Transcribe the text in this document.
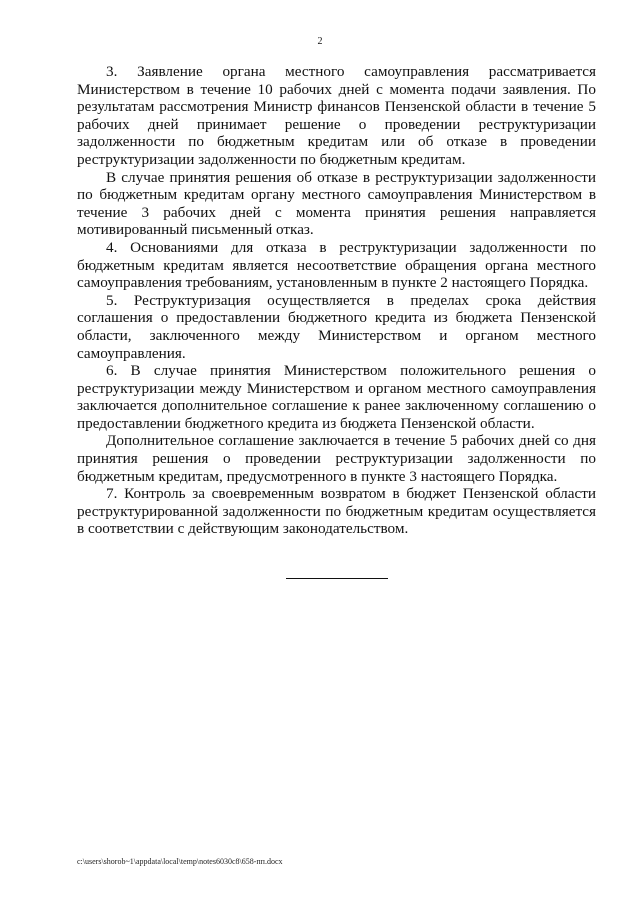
2

3. Заявление органа местного самоуправления рассматривается Министерством в течение 10 рабочих дней с момента подачи заявления. По результатам рассмотрения Министр финансов Пензенской области в течение 5 рабочих дней принимает решение о проведении реструктуризации задолженности по бюджетным кредитам или об отказе в проведении реструктуризации задолженности по бюджетным кредитам.

В случае принятия решения об отказе в реструктуризации задолженности по бюджетным кредитам органу местного самоуправления Министерством в течение 3 рабочих дней с момента принятия решения направляется мотивированный письменный отказ.

4. Основаниями для отказа в реструктуризации задолженности по бюджетным кредитам является несоответствие обращения органа местного самоуправления требованиям, установленным в пункте 2 настоящего Порядка.

5. Реструктуризация осуществляется в пределах срока действия соглашения о предоставлении бюджетного кредита из бюджета Пензенской области, заключенного между Министерством и органом местного самоуправления.

6. В случае принятия Министерством положительного решения о реструктуризации между Министерством и органом местного самоуправления заключается дополнительное соглашение к ранее заключенному соглашению о предоставлении бюджетного кредита из бюджета Пензенской области.

Дополнительное соглашение заключается в течение 5 рабочих дней со дня принятия решения о проведении реструктуризации задолженности по бюджетным кредитам, предусмотренного в пункте 3 настоящего Порядка.

7. Контроль за своевременным возвратом в бюджет Пензенской области реструктурированной задолженности по бюджетным кредитам осуществляется в соответствии с действующим законодательством.

c:\users\shorob~1\appdata\local\temp\notes6030c8\658-пп.docx
